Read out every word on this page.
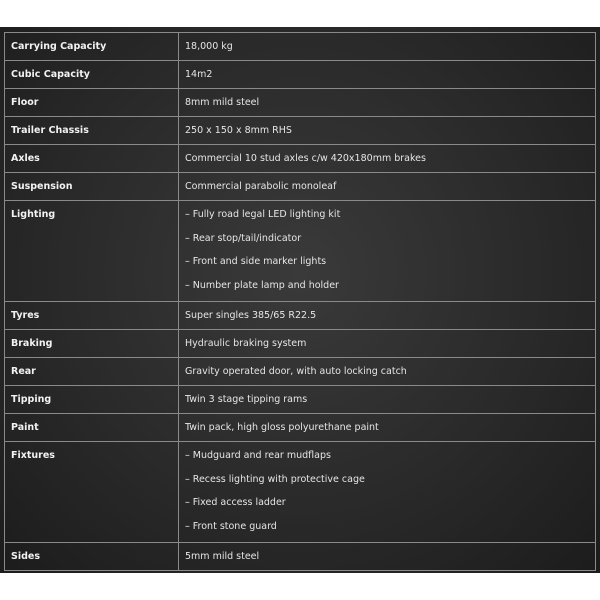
Carrying Capacity	18,000 kg

Cubic Capacity	14m2

Floor	8mm mild steel

Trailer Chassis	250 x 150 x 8mm RHS

Axles	Commercial 10 stud axles c/w 420x180mm brakes

Suspension	Commercial parabolic monoleaf

Lighting	– Fully road legal LED lighting kit
– Rear stop/tail/indicator
– Front and side marker lights
– Number plate lamp and holder

Tyres	Super singles 385/65 R22.5

Braking	Hydraulic braking system

Rear	Gravity operated door, with auto locking catch

Tipping	Twin 3 stage tipping rams

Paint	Twin pack, high gloss polyurethane paint

Fixtures	– Mudguard and rear mudflaps
– Recess lighting with protective cage
– Fixed access ladder
– Front stone guard

Sides	5mm mild steel
